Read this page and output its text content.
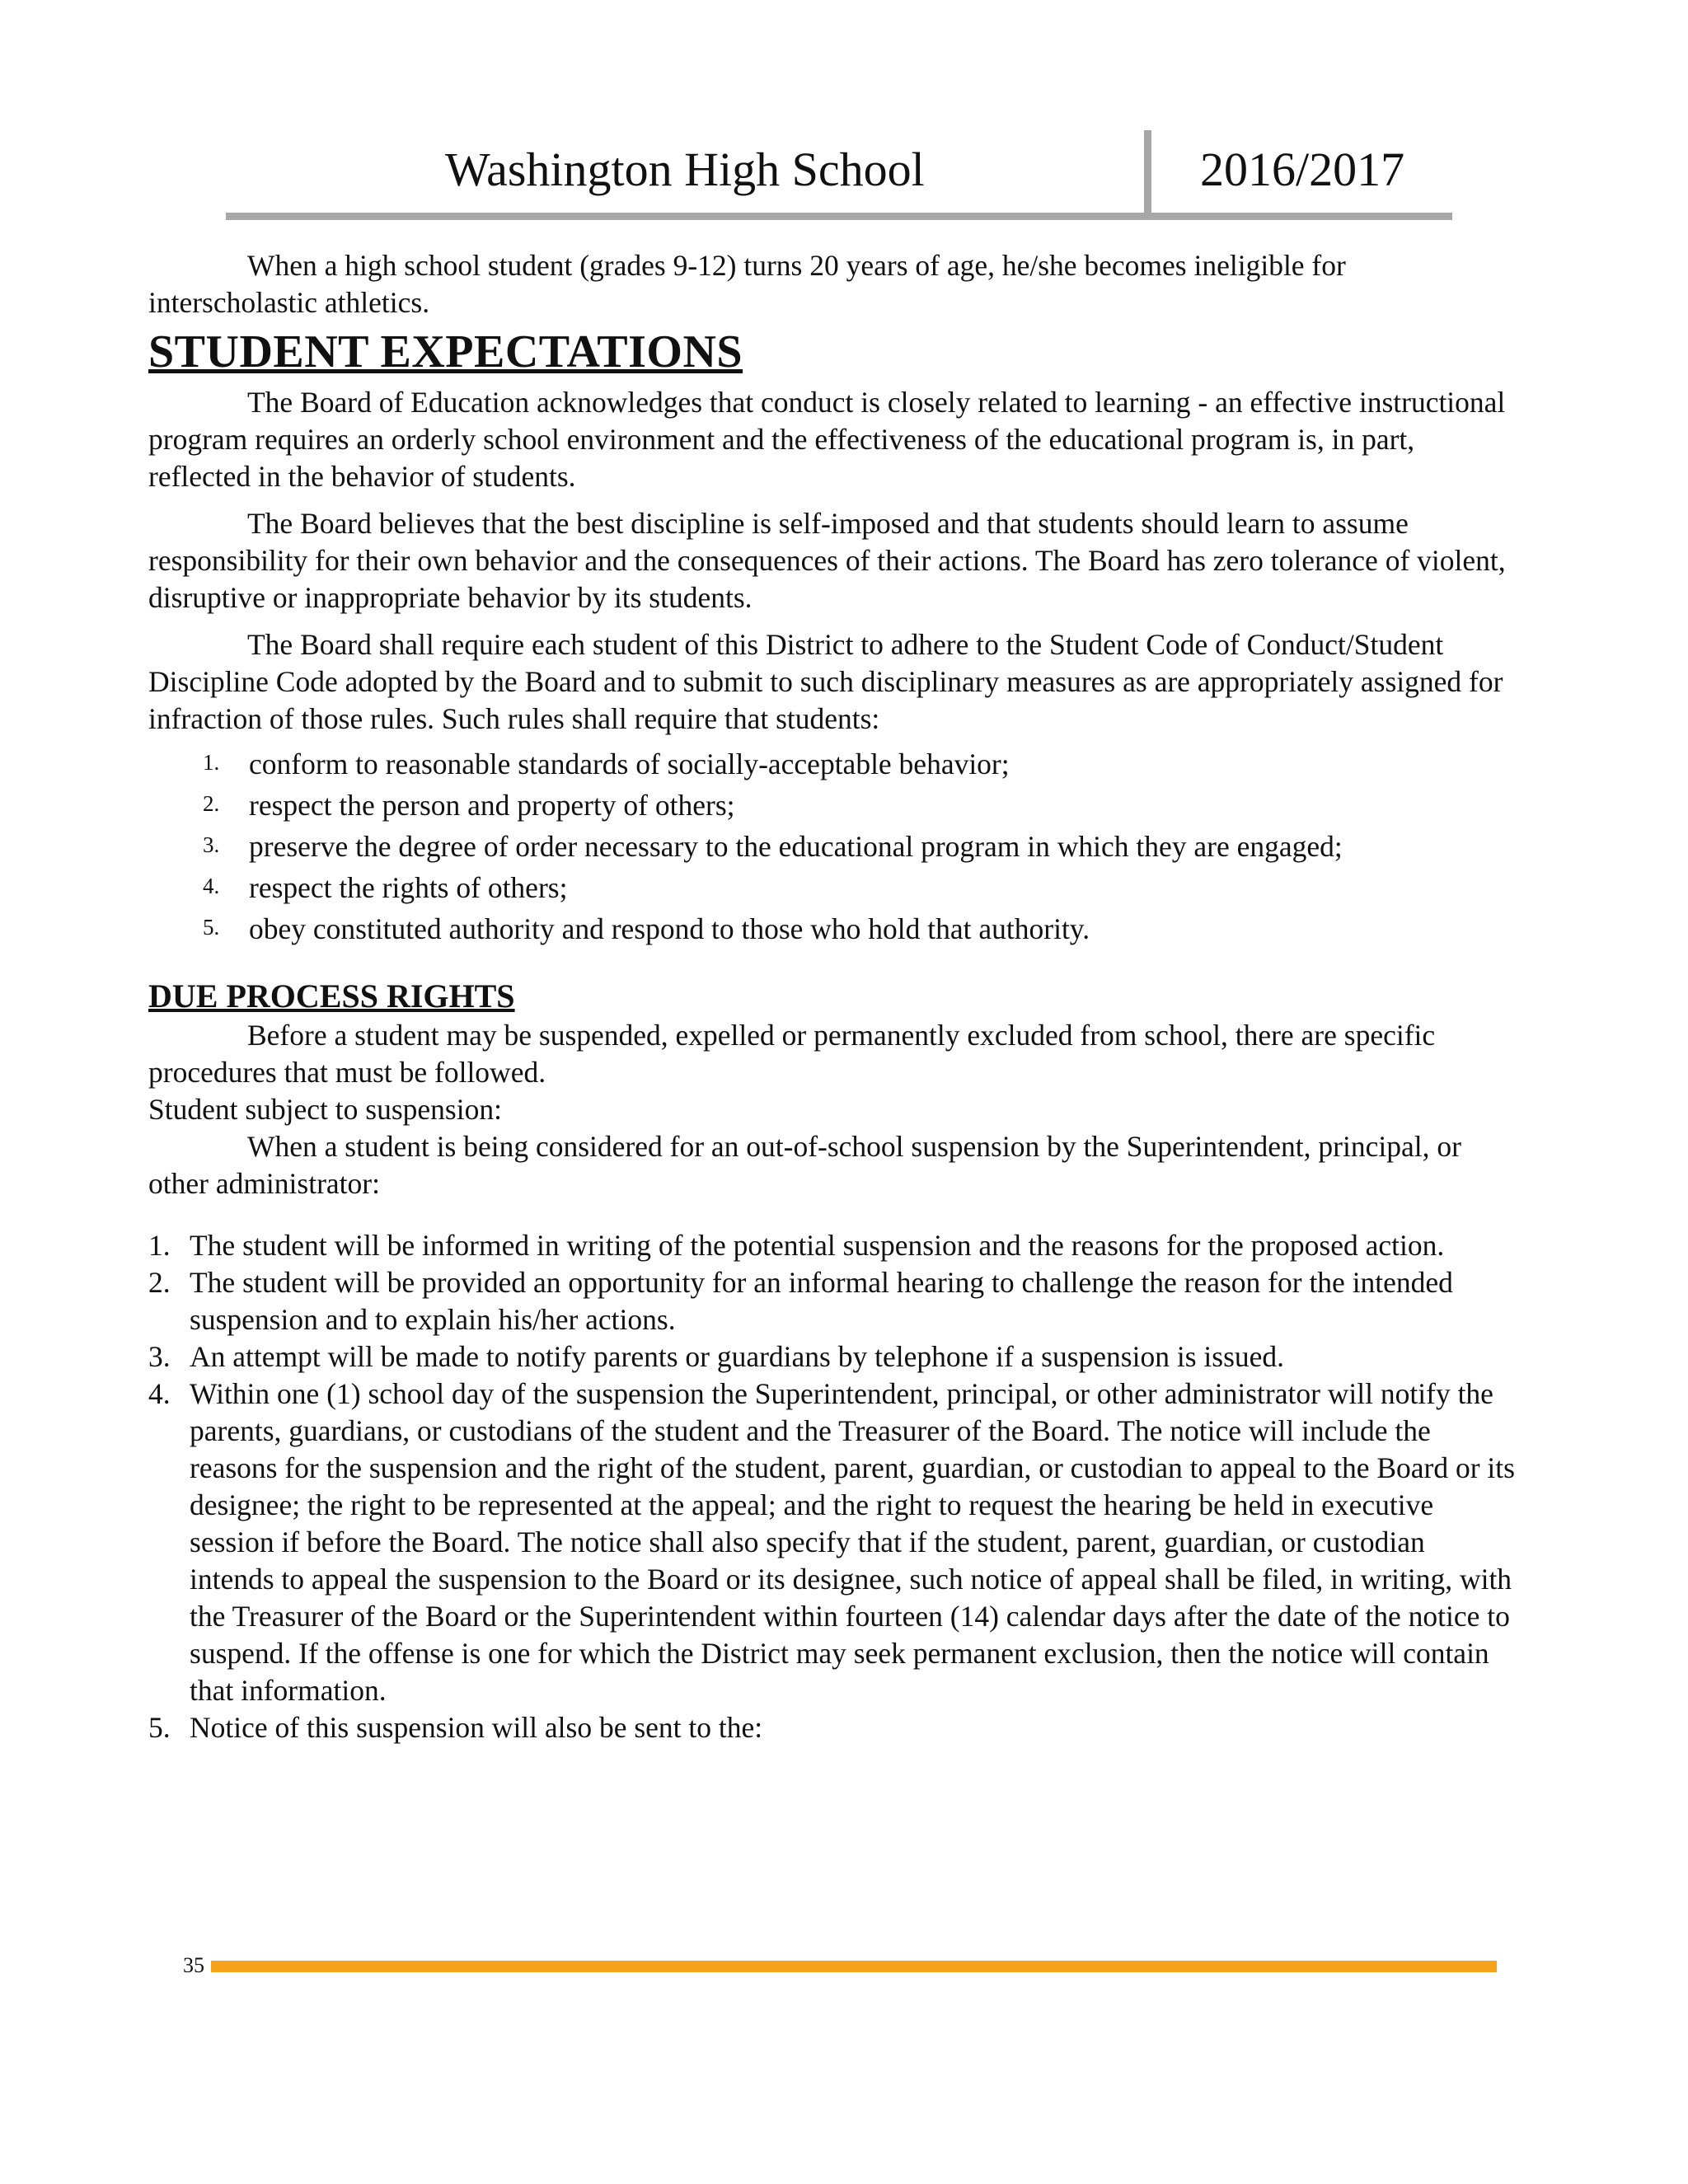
Washington High School	2016/2017

When a high school student (grades 9-12) turns 20 years of age, he/she becomes ineligible for interscholastic athletics.

STUDENT EXPECTATIONS

The Board of Education acknowledges that conduct is closely related to learning - an effective instructional program requires an orderly school environment and the effectiveness of the educational program is, in part, reflected in the behavior of students.

The Board believes that the best discipline is self-imposed and that students should learn to assume responsibility for their own behavior and the consequences of their actions. The Board has zero tolerance of violent, disruptive or inappropriate behavior by its students.

The Board shall require each student of this District to adhere to the Student Code of Conduct/Student Discipline Code adopted by the Board and to submit to such disciplinary measures as are appropriately assigned for infraction of those rules. Such rules shall require that students:

1. conform to reasonable standards of socially-acceptable behavior;
2. respect the person and property of others;
3. preserve the degree of order necessary to the educational program in which they are engaged;
4. respect the rights of others;
5. obey constituted authority and respond to those who hold that authority.
DUE PROCESS RIGHTS

Before a student may be suspended, expelled or permanently excluded from school, there are specific procedures that must be followed.

Student subject to suspension:

When a student is being considered for an out-of-school suspension by the Superintendent, principal, or other administrator:

1. The student will be informed in writing of the potential suspension and the reasons for the proposed action.
2. The student will be provided an opportunity for an informal hearing to challenge the reason for the intended suspension and to explain his/her actions.
3. An attempt will be made to notify parents or guardians by telephone if a suspension is issued.
4. Within one (1) school day of the suspension the Superintendent, principal, or other administrator will notify the parents, guardians, or custodians of the student and the Treasurer of the Board. The notice will include the reasons for the suspension and the right of the student, parent, guardian, or custodian to appeal to the Board or its designee; the right to be represented at the appeal; and the right to request the hearing be held in executive session if before the Board. The notice shall also specify that if the student, parent, guardian, or custodian intends to appeal the suspension to the Board or its designee, such notice of appeal shall be filed, in writing, with the Treasurer of the Board or the Superintendent within fourteen (14) calendar days after the date of the notice to suspend. If the offense is one for which the District may seek permanent exclusion, then the notice will contain that information.
5. Notice of this suspension will also be sent to the:
35
